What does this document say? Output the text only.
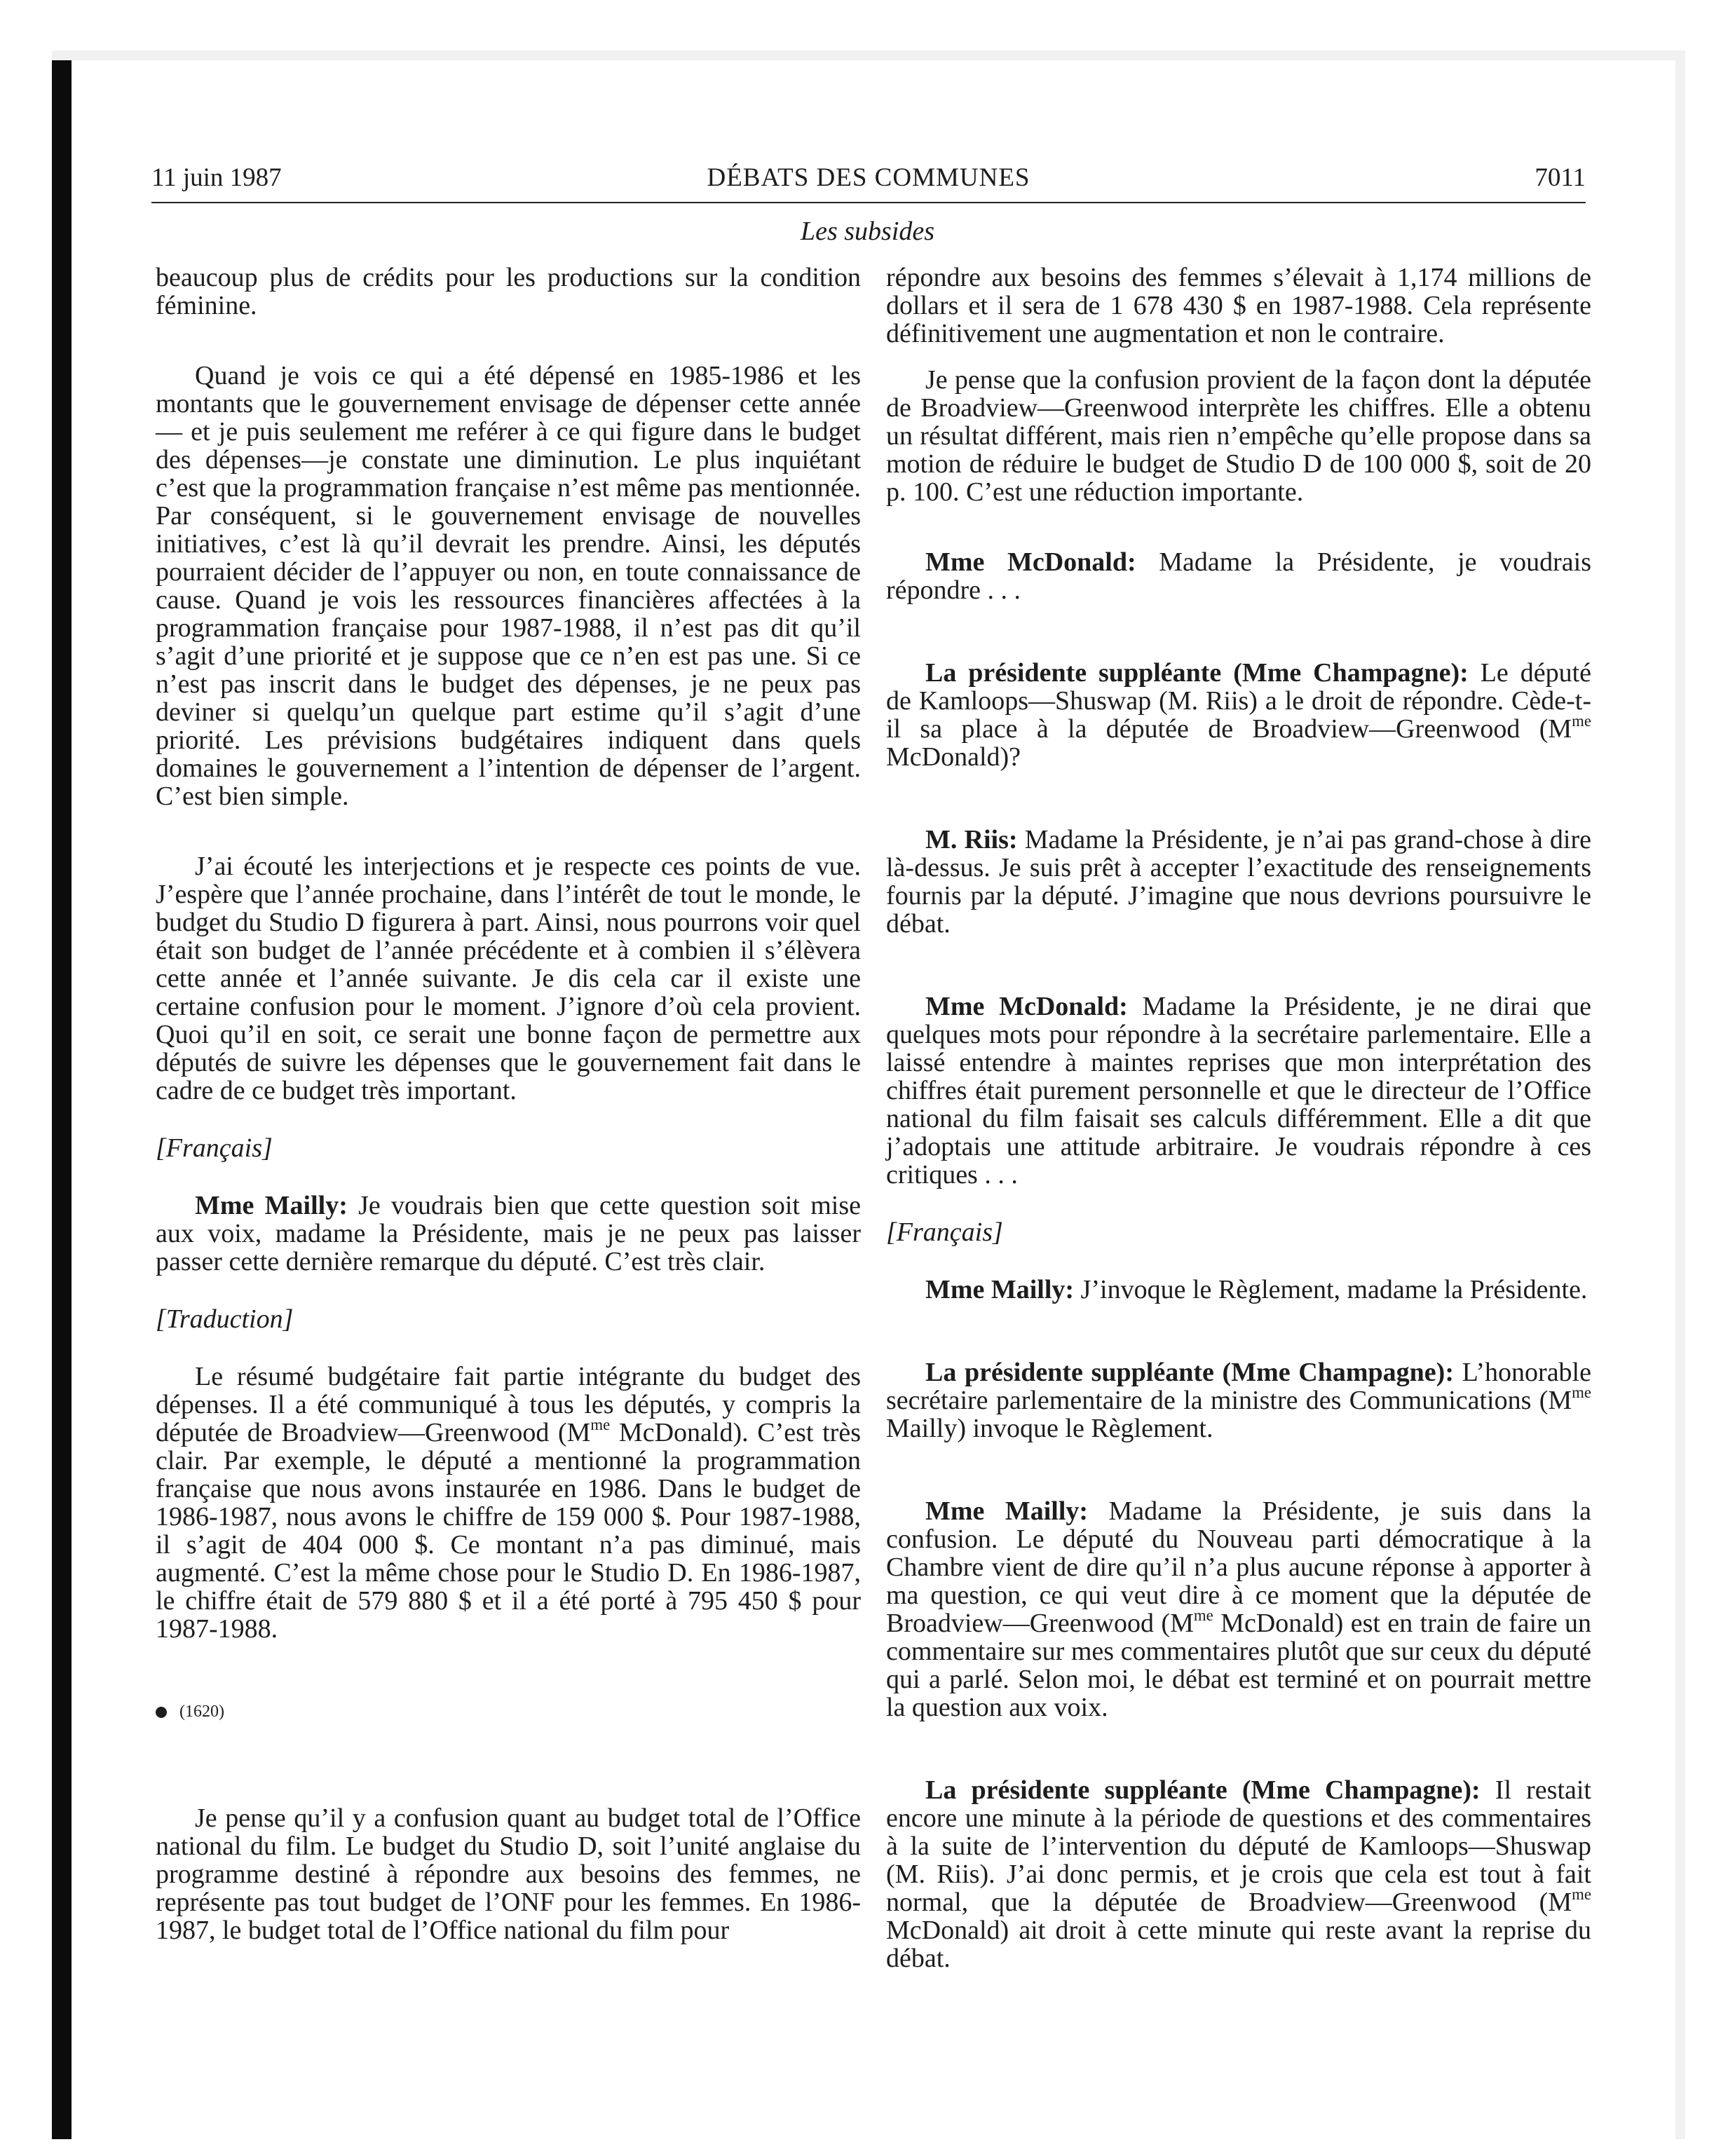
11 juin 1987	DÉBATS DES COMMUNES	7011
Les subsides

beaucoup plus de crédits pour les productions sur la condition féminine.

Quand je vois ce qui a été dépensé en 1985-1986 et les montants que le gouvernement envisage de dépenser cette année— et je puis seulement me reférer à ce qui figure dans le budget des dépenses—je constate une diminution. Le plus inquiétant c’est que la programmation française n’est même pas mentionnée. Par conséquent, si le gouvernement envisage de nouvelles initiatives, c’est là qu’il devrait les prendre. Ainsi, les députés pourraient décider de l’appuyer ou non, en toute connaissance de cause. Quand je vois les ressources financières affectées à la programmation française pour 1987-1988, il n’est pas dit qu’il s’agit d’une priorité et je suppose que ce n’en est pas une. Si ce n’est pas inscrit dans le budget des dépenses, je ne peux pas deviner si quelqu’un quelque part estime qu’il s’agit d’une priorité. Les prévisions budgétaires indiquent dans quels domaines le gouvernement a l’intention de dépenser de l’argent. C’est bien simple.

J’ai écouté les interjections et je respecte ces points de vue. J’espère que l’année prochaine, dans l’intérêt de tout le monde, le budget du Studio D figurera à part. Ainsi, nous pourrons voir quel était son budget de l’année précédente et à combien il s’élèvera cette année et l’année suivante. Je dis cela car il existe une certaine confusion pour le moment. J’ignore d’où cela provient. Quoi qu’il en soit, ce serait une bonne façon de permettre aux députés de suivre les dépenses que le gouvernement fait dans le cadre de ce budget très important.

[Français]

Mme Mailly: Je voudrais bien que cette question soit mise aux voix, madame la Présidente, mais je ne peux pas laisser passer cette dernière remarque du député. C’est très clair.

[Traduction]

Le résumé budgétaire fait partie intégrante du budget des dépenses. Il a été communiqué à tous les députés, y compris la députée de Broadview—Greenwood ($M^{me}$ McDonald). C’est très clair. Par exemple, le député a mentionné la programmation française que nous avons instaurée en 1986. Dans le budget de 1986-1987, nous avons le chiffre de 159 000 $. Pour 1987-1988, il s’agit de 404 000 $. Ce montant n’a pas diminué, mais augmenté. C’est la même chose pour le Studio D. En 1986-1987, le chiffre était de 579 880 $ et il a été porté à 795 450 $ pour 1987-1988.

(1620)

Je pense qu’il y a confusion quant au budget total de l’Office national du film. Le budget du Studio D, soit l’unité anglaise du programme destiné à répondre aux besoins des femmes, ne représente pas tout budget de l’ONF pour les femmes. En 1986-1987, le budget total de l’Office national du film pour

répondre aux besoins des femmes s’élevait à 1,174 millions de dollars et il sera de 1 678 430 $ en 1987-1988. Cela représente définitivement une augmentation et non le contraire.

Je pense que la confusion provient de la façon dont la députée de Broadview—Greenwood interprète les chiffres. Elle a obtenu un résultat différent, mais rien n’empêche qu’elle propose dans sa motion de réduire le budget de Studio D de 100 000 $, soit de 20 p. 100. C’est une réduction importante.

Mme McDonald: Madame la Présidente, je voudrais répondre . . .

La présidente suppléante (Mme Champagne): Le député de Kamloops—Shuswap (M. Riis) a le droit de répondre. Cède-t-il sa place à la députée de Broadview—Greenwood ($M^{me}$ McDonald)?

M. Riis: Madame la Présidente, je n’ai pas grand-chose à dire là-dessus. Je suis prêt à accepter l’exactitude des renseignements fournis par la député. J’imagine que nous devrions poursuivre le débat.

Mme McDonald: Madame la Présidente, je ne dirai que quelques mots pour répondre à la secrétaire parlementaire. Elle a laissé entendre à maintes reprises que mon interprétation des chiffres était purement personnelle et que le directeur de l’Office national du film faisait ses calculs différemment. Elle a dit que j’adoptais une attitude arbitraire. Je voudrais répondre à ces critiques . . .

[Français]

Mme Mailly: J’invoque le Règlement, madame la Présidente.

La présidente suppléante (Mme Champagne): L’honorable secrétaire parlementaire de la ministre des Communications ($M^{me}$ Mailly) invoque le Règlement.

Mme Mailly: Madame la Présidente, je suis dans la confusion. Le député du Nouveau parti démocratique à la Chambre vient de dire qu’il n’a plus aucune réponse à apporter à ma question, ce qui veut dire à ce moment que la députée de Broadview—Greenwood ($M^{me}$ McDonald) est en train de faire un commentaire sur mes commentaires plutôt que sur ceux du député qui a parlé. Selon moi, le débat est terminé et on pourrait mettre la question aux voix.

La présidente suppléante (Mme Champagne): Il restait encore une minute à la période de questions et des commentaires à la suite de l’intervention du député de Kamloops—Shuswap (M. Riis). J’ai donc permis, et je crois que cela est tout à fait normal, que la députée de Broadview—Greenwood ($M^{me}$ McDonald) ait droit à cette minute qui reste avant la reprise du débat.
